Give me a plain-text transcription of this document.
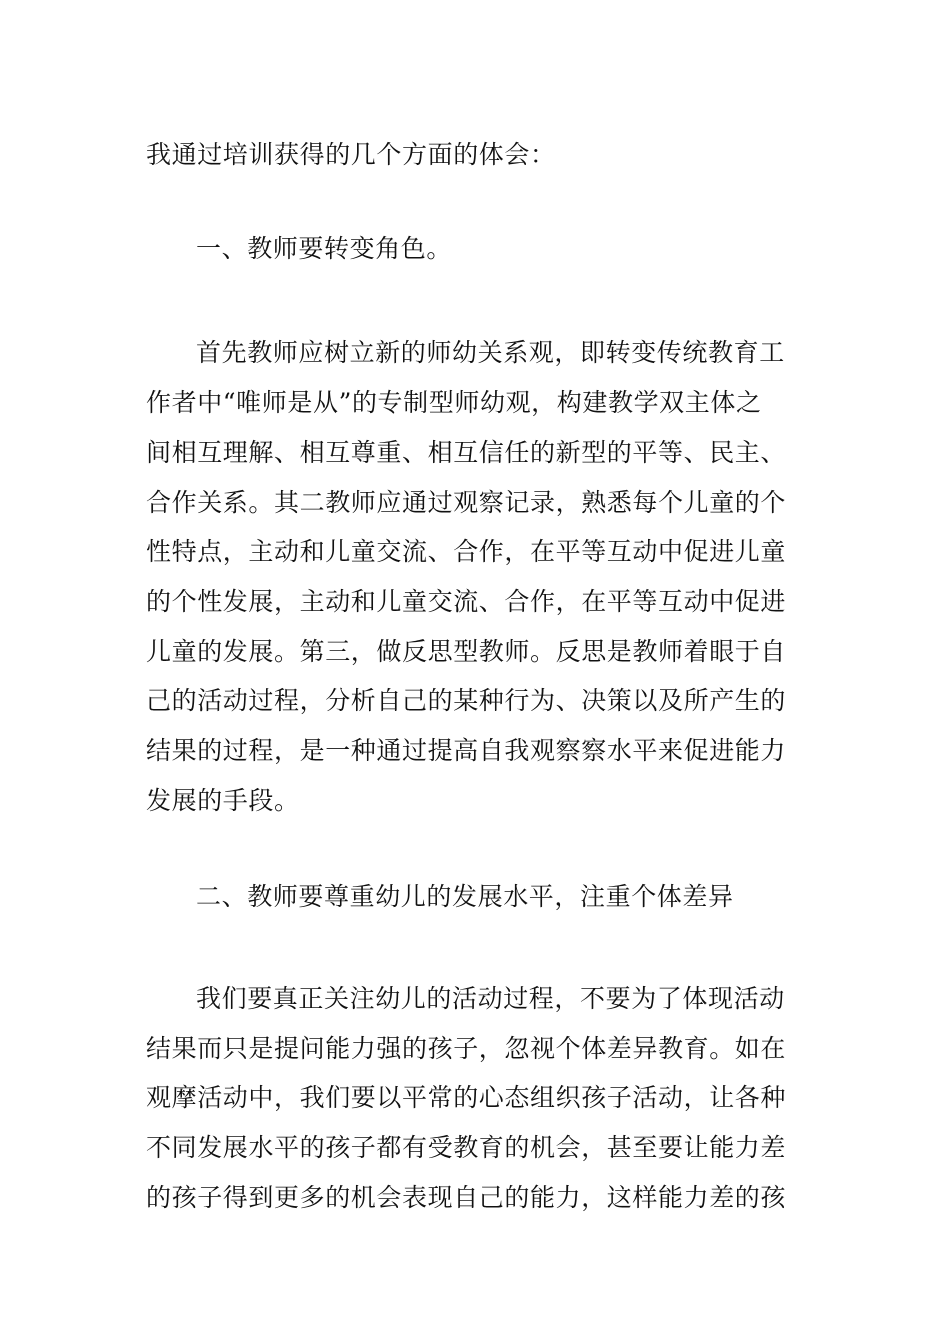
我通过培训获得的几个方面的体会：
一、教师要转变角色。
首先教师应树立新的师幼关系观，即转变传统教育工
作者中“唯师是从”的专制型师幼观，构建教学双主体之
间相互理解、相互尊重、相互信任的新型的平等、民主、
合作关系。其二教师应通过观察记录，熟悉每个儿童的个
性特点，主动和儿童交流、合作，在平等互动中促进儿童
的个性发展，主动和儿童交流、合作，在平等互动中促进
儿童的发展。第三，做反思型教师。反思是教师着眼于自
己的活动过程，分析自己的某种行为、决策以及所产生的
结果的过程，是一种通过提高自我观察察水平来促进能力
发展的手段。
二、教师要尊重幼儿的发展水平，注重个体差异
我们要真正关注幼儿的活动过程，不要为了体现活动
结果而只是提问能力强的孩子，忽视个体差异教育。如在
观摩活动中，我们要以平常的心态组织孩子活动，让各种
不同发展水平的孩子都有受教育的机会，甚至要让能力差
的孩子得到更多的机会表现自己的能力，这样能力差的孩
